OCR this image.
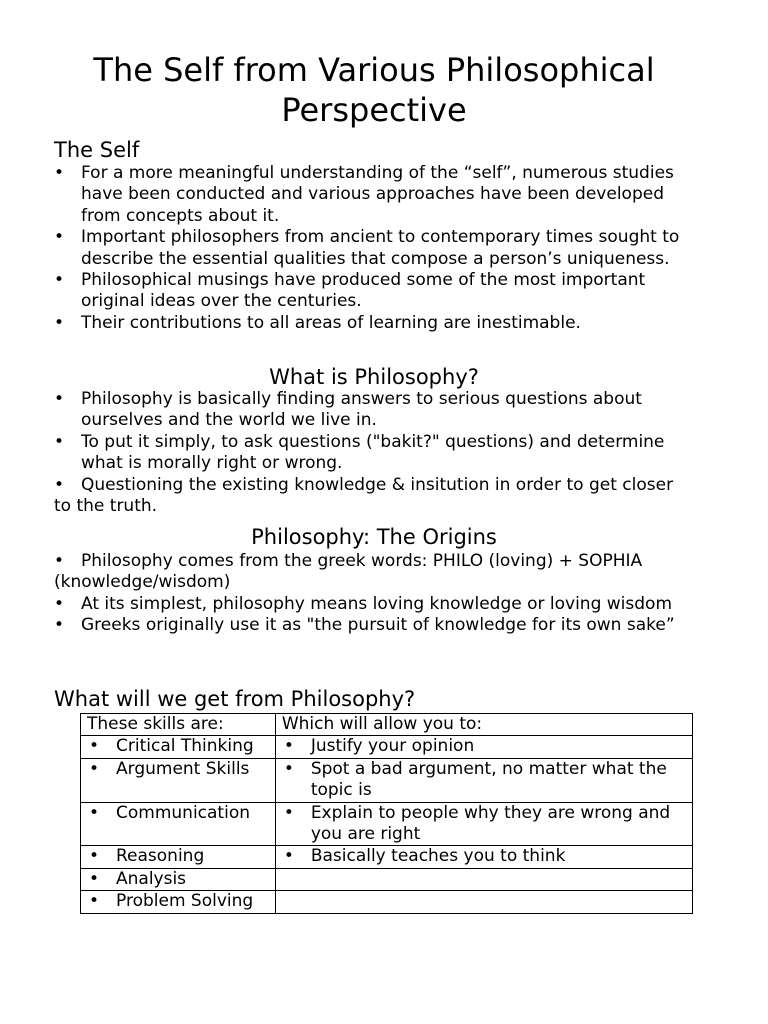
The Self from Various Philosophical Perspective
The Self
• For a more meaningful understanding of the “self”, numerous studies have been conducted and various approaches have been developed from concepts about it.
• Important philosophers from ancient to contemporary times sought to describe the essential qualities that compose a person’s uniqueness.
• Philosophical musings have produced some of the most important original ideas over the centuries.
• Their contributions to all areas of learning are inestimable.
What is Philosophy?
• Philosophy is basically finding answers to serious questions about ourselves and the world we live in.
• To put it simply, to ask questions ("bakit?" questions) and determine what is morally right or wrong.
• Questioning the existing knowledge & insitution in order to get closer to the truth.
Philosophy: The Origins
• Philosophy comes from the greek words: PHILO (loving) + SOPHIA (knowledge/wisdom)
• At its simplest, philosophy means loving knowledge or loving wisdom
• Greeks originally use it as "the pursuit of knowledge for its own sake”
What will we get from Philosophy?
These skills are:	Which will allow you to:

• Critical Thinking	• Justify your opinion

• Argument Skills	• Spot a bad argument, no matter what the topic is

• Communication	• Explain to people why they are wrong and you are right

• Reasoning	• Basically teaches you to think

• Analysis	

• Problem Solving	
